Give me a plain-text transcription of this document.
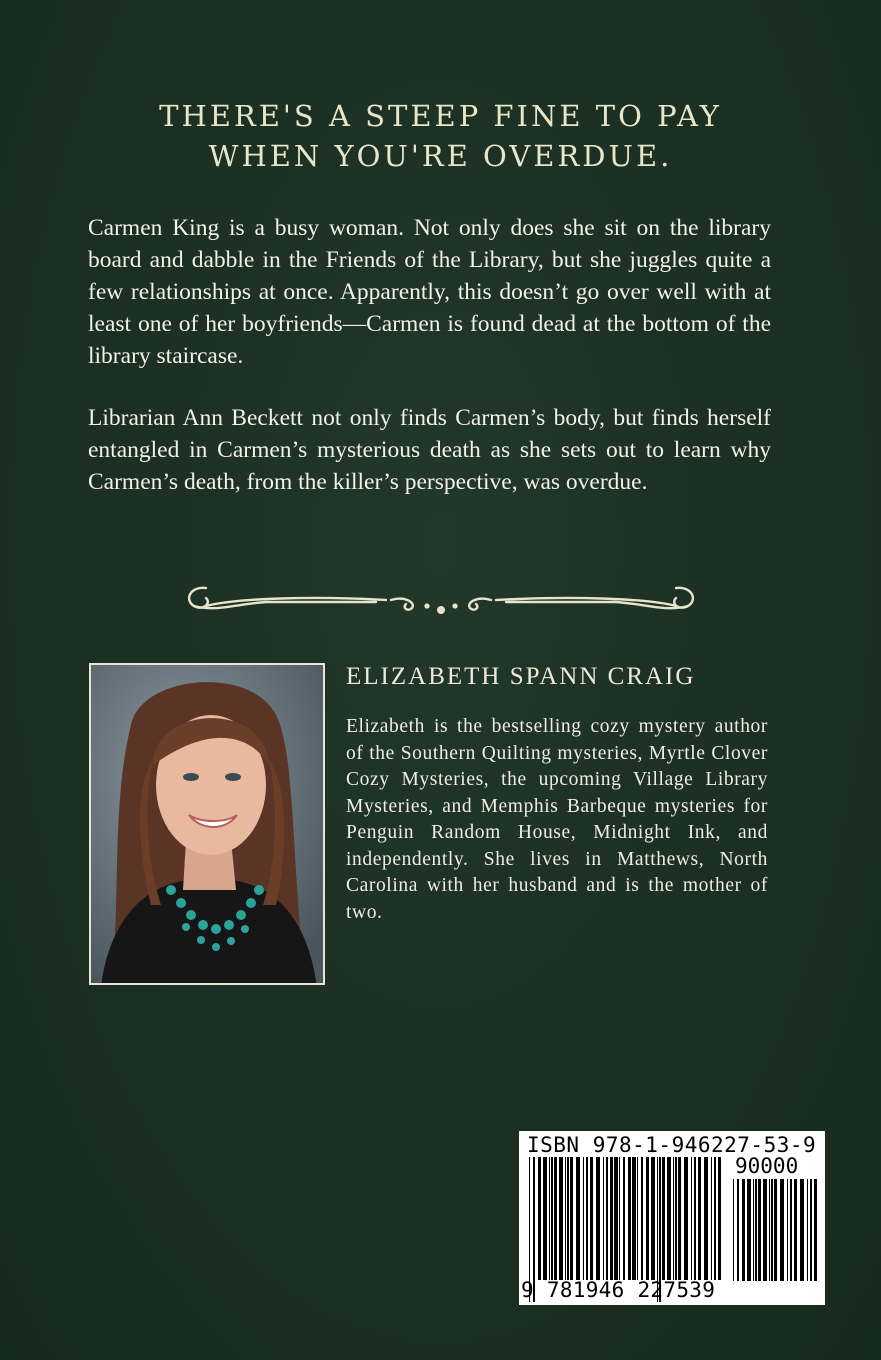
THERE'S A STEEP FINE TO PAY
WHEN YOU'RE OVERDUE.

Carmen King is a busy woman. Not only does she sit on the library board and dabble in the Friends of the Library, but she juggles quite a few relationships at once. Apparently, this doesn’t go over well with at least one of her boyfriends—Carmen is found dead at the bottom of the library staircase.

Librarian Ann Beckett not only finds Carmen’s body, but finds herself entangled in Carmen’s mysterious death as she sets out to learn why Carmen’s death, from the killer’s perspective, was overdue.

ELIZABETH SPANN CRAIG
Elizabeth is the bestselling cozy mystery author of the Southern Quilting mysteries, Myrtle Clover Cozy Mysteries, the upcoming Village Library Mysteries, and Memphis Barbeque mysteries for Penguin Random House, Midnight Ink, and independently. She lives in Matthews, North Carolina with her husband and is the mother of two.
ISBN 978-1-946227-53-9
90000
9 781946 227539
